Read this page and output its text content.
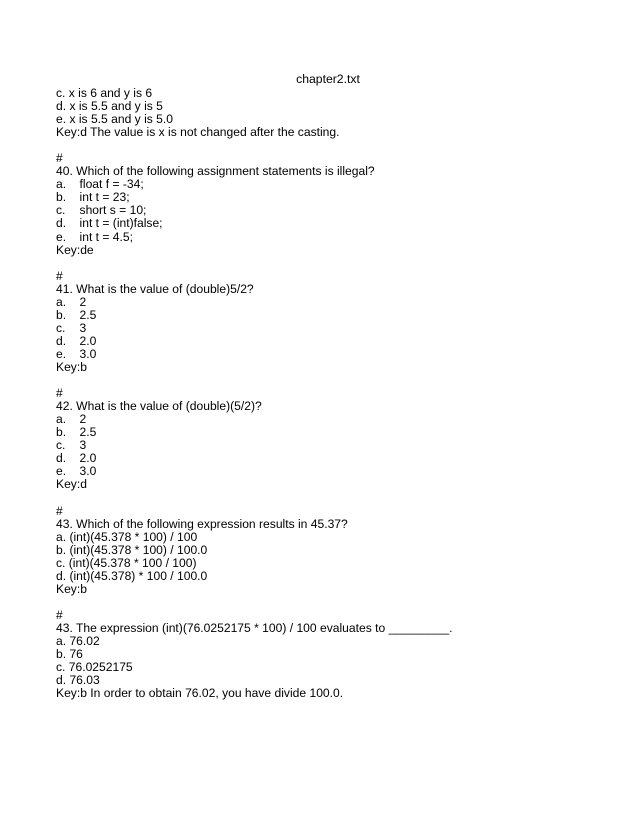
chapter2.txt
c. x is 6 and y is 6
d. x is 5.5 and y is 5
e. x is 5.5 and y is 5.0
Key:d The value is x is not changed after the casting.

#
40. Which of the following assignment statements is illegal?
a.	float f = -34;
b.	int t = 23;
c.	short s = 10;
d.	int t = (int)false;
e.	int t = 4.5;
Key:de

#
41. What is the value of (double)5/2?
a.	2
b.	2.5
c.	3
d.	2.0
e.	3.0
Key:b

#
42. What is the value of (double)(5/2)?
a.	2
b.	2.5
c.	3
d.	2.0
e.	3.0
Key:d

#
43. Which of the following expression results in 45.37?
a. (int)(45.378 * 100) / 100
b. (int)(45.378 * 100) / 100.0
c. (int)(45.378 * 100 / 100)
d. (int)(45.378) * 100 / 100.0
Key:b

#
43. The expression (int)(76.0252175 * 100) / 100 evaluates to _________.
a. 76.02
b. 76
c. 76.0252175
d. 76.03
Key:b In order to obtain 76.02, you have divide 100.0.
